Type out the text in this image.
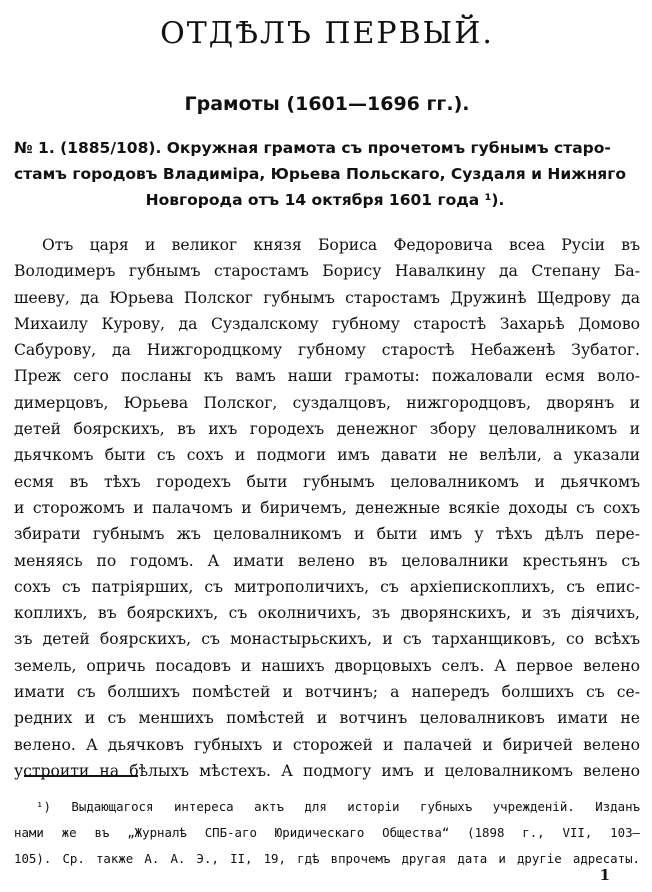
ОТДѢЛЪ ПЕРВЫЙ.
Грамоты (1601—1696 гг.).
№ 1. (1885/108). Окружная грамота съ прочетомъ губнымъ старо-
стамъ городовъ Владиміра, Юрьева Польскаго, Суздаля и Нижняго
Новгорода отъ 14 октября 1601 года ¹).
Отъ царя и великог князя Бориса Федоровича всеа Русіи въ
Володимеръ губнымъ старостамъ Борису Навалкину да Степану Ба-
шееву, да Юрьева Полског губнымъ старостамъ Дружинѣ Щедрову да
Михаилу Курову, да Суздалскому губному старостѣ Захарьѣ Домово
Сабурову, да Нижгородцкому губному старостѣ Небаженѣ Зубатог.
Преж сего посланы къ вамъ наши грамоты: пожаловали есмя воло-
димерцовъ, Юрьева Полског, суздалцовъ, нижгородцовъ, дворянъ и
детей боярскихъ, въ ихъ городехъ денежног збору целовалникомъ и
дьячкомъ быти съ сохъ и подмоги имъ давати не велѣли, а указали
есмя въ тѣхъ городехъ быти губнымъ целовалникомъ и дьячкомъ
и сторожомъ и палачомъ и биричемъ, денежные всякіе доходы съ сохъ
збирати губнымъ жъ целовалникомъ и быти имъ у тѣхъ дѣлъ пере-
меняясь по годомъ. А имати велено въ целовалники крестьянъ съ
сохъ съ патріярших, съ митрополичихъ, съ архіепископлихъ, съ епис-
коплихъ, въ боярскихъ, съ околничихъ, зъ дворянскихъ, и зъ діячихъ,
зъ детей боярскихъ, съ монастырьскихъ, и съ тарханщиковъ, со всѣхъ
земель, опричь посадовъ и нашихъ дворцовыхъ селъ. А первое велено
имати съ болшихъ помѣстей и вотчинъ; а напередъ болшихъ съ се-
редних и съ меншихъ помѣстей и вотчинъ целовалниковъ имати не
велено. А дьячковъ губныхъ и сторожей и палачей и биричей велено
устроити на бѣлыхъ мѣстехъ. А подмогу имъ и целовалникомъ велено
¹) Выдающагося интереса актъ для исторіи губныхъ учрежденій. Изданъ
нами же въ „Журналѣ СПБ-аго Юридическаго Общества“ (1898 г., VII, 103—
105). Ср. также А. А. Э., II, 19, гдѣ впрочемъ другая дата и другіе адресаты.
1
